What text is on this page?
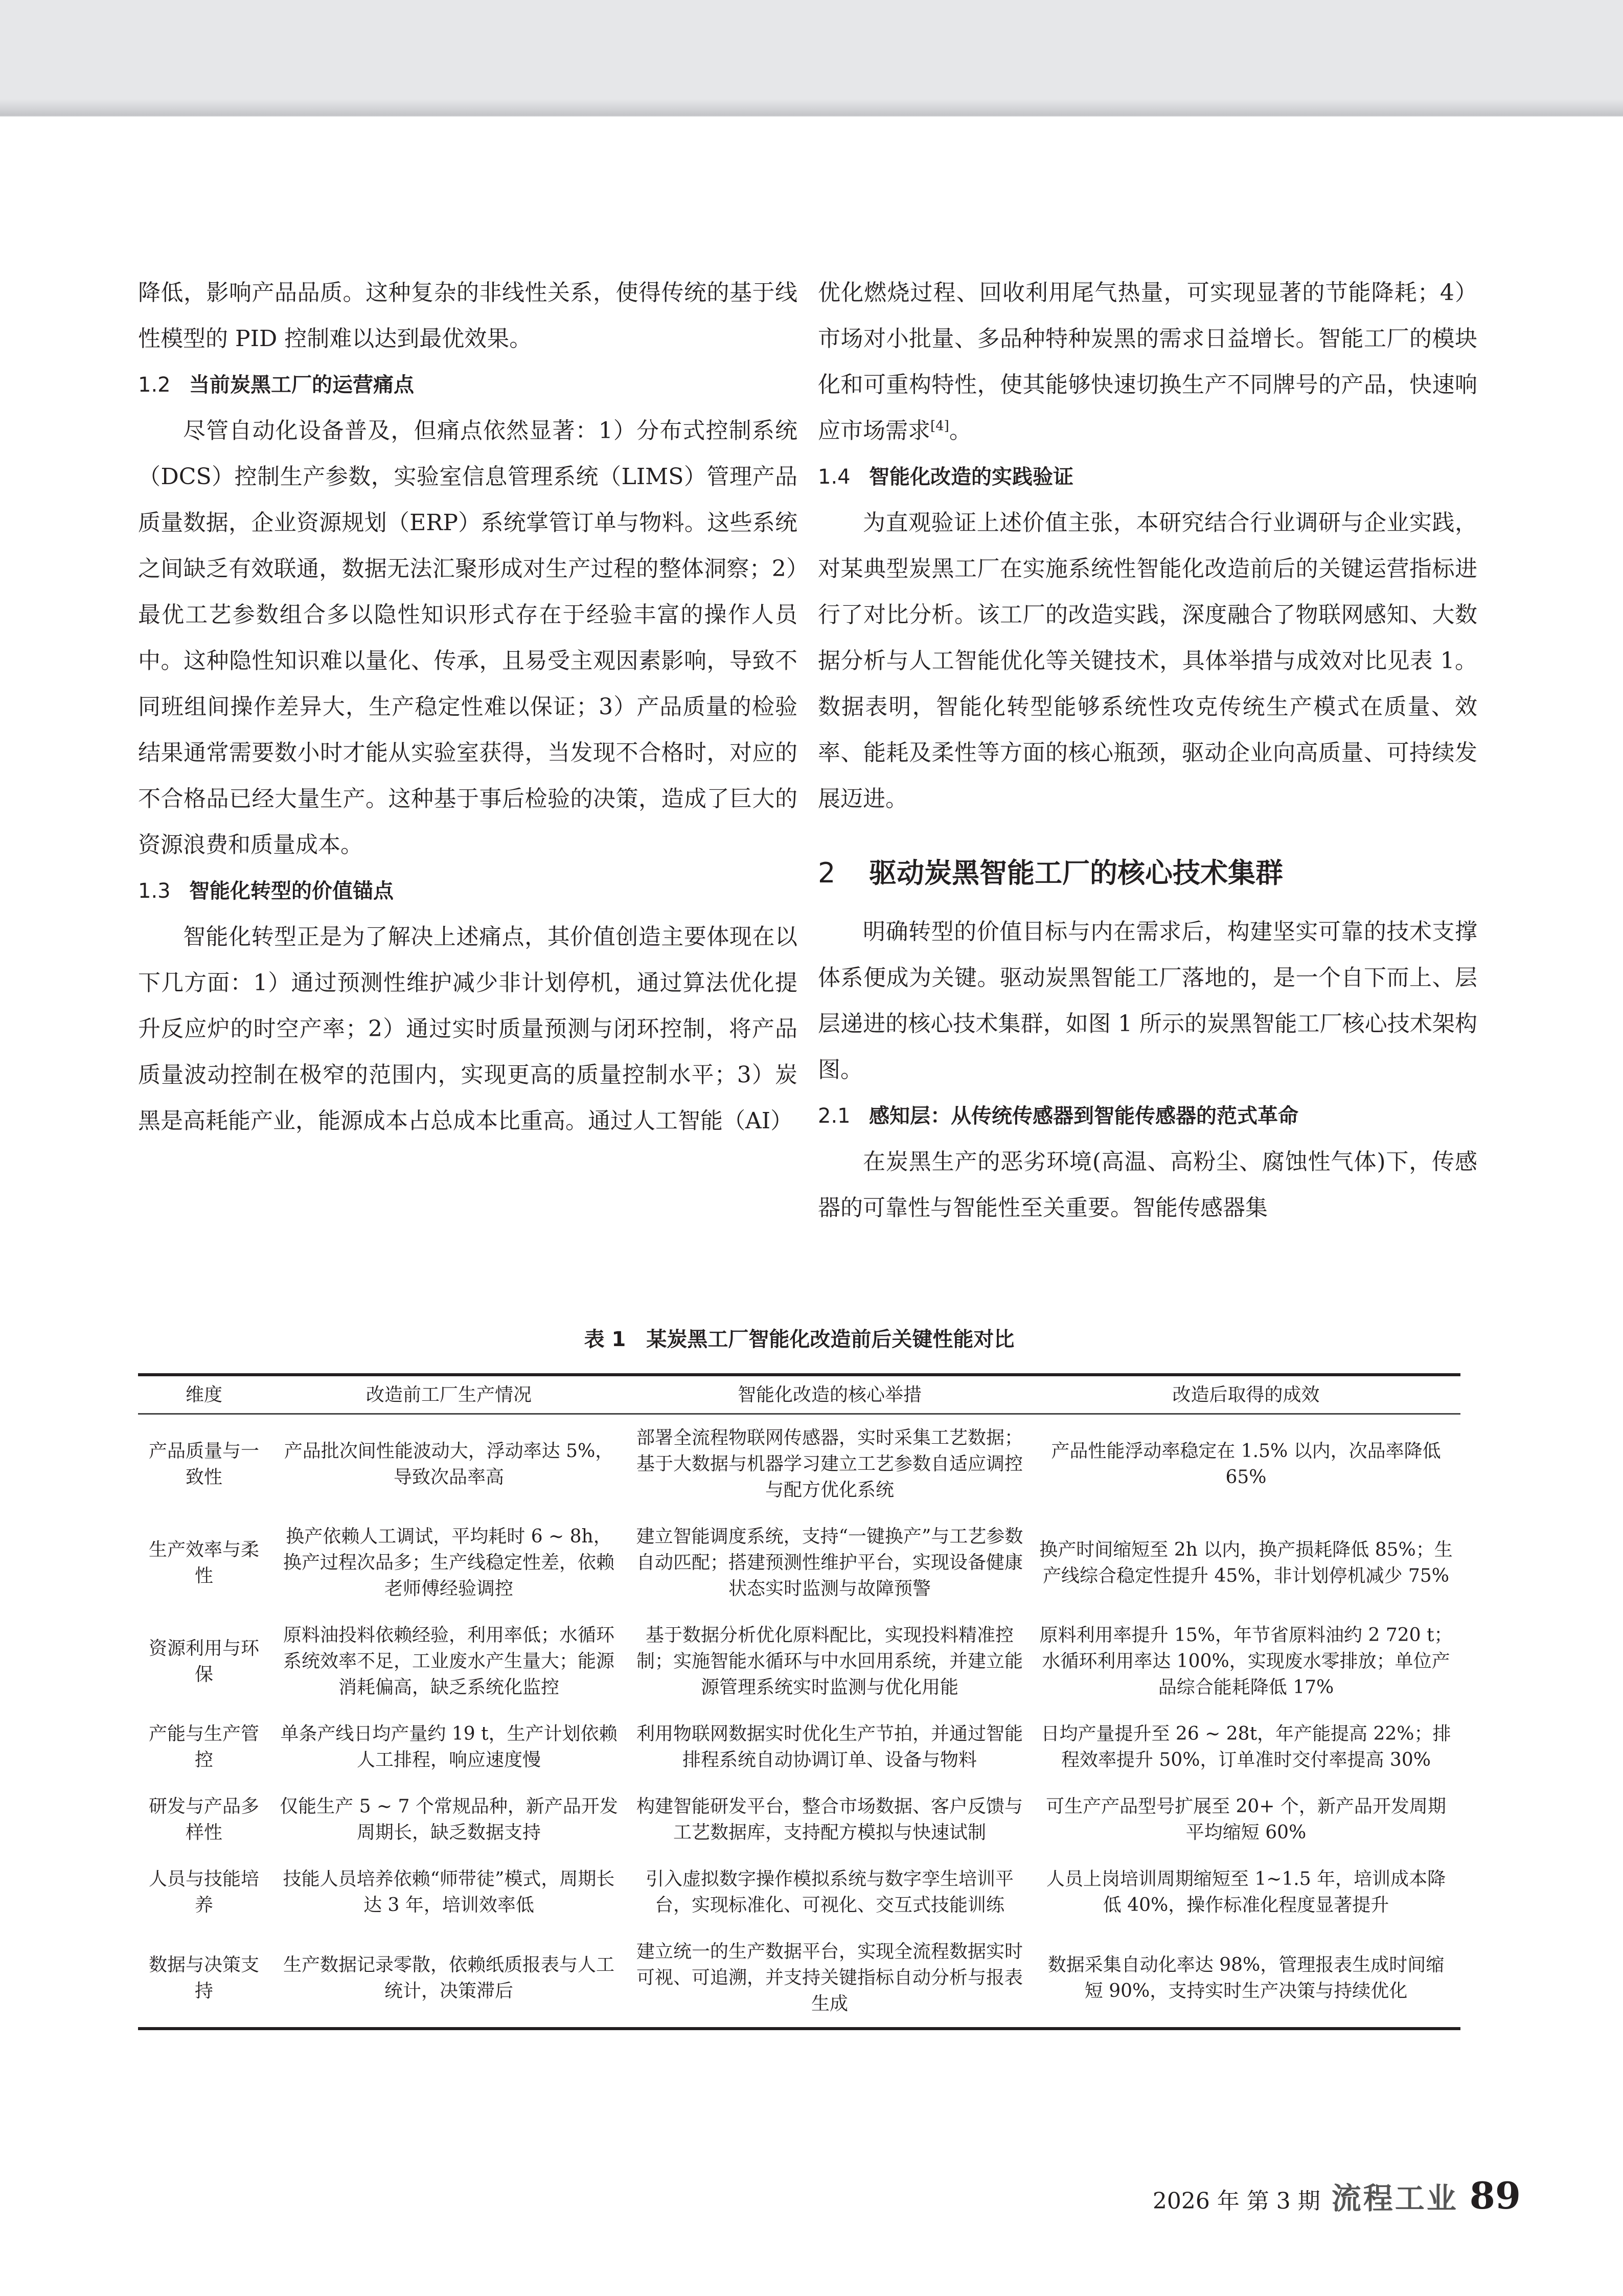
降低，影响产品品质。这种复杂的非线性关系，使得传统的基于线性模型的 PID 控制难以达到最优效果。

1.2 当前炭黑工厂的运营痛点

尽管自动化设备普及，但痛点依然显著：1）分布式控制系统（DCS）控制生产参数，实验室信息管理系统（LIMS）管理产品质量数据，企业资源规划（ERP）系统掌管订单与物料。这些系统之间缺乏有效联通，数据无法汇聚形成对生产过程的整体洞察；2）最优工艺参数组合多以隐性知识形式存在于经验丰富的操作人员中。这种隐性知识难以量化、传承，且易受主观因素影响，导致不同班组间操作差异大，生产稳定性难以保证；3）产品质量的检验结果通常需要数小时才能从实验室获得，当发现不合格时，对应的不合格品已经大量生产。这种基于事后检验的决策，造成了巨大的资源浪费和质量成本。

1.3 智能化转型的价值锚点

智能化转型正是为了解决上述痛点，其价值创造主要体现在以下几方面：1）通过预测性维护减少非计划停机，通过算法优化提升反应炉的时空产率；2）通过实时质量预测与闭环控制，将产品质量波动控制在极窄的范围内，实现更高的质量控制水平；3）炭黑是高耗能产业，能源成本占总成本比重高。通过人工智能（AI）

优化燃烧过程、回收利用尾气热量，可实现显著的节能降耗；4）市场对小批量、多品种特种炭黑的需求日益增长。智能工厂的模块化和可重构特性，使其能够快速切换生产不同牌号的产品，快速响应市场需求[4]。

1.4 智能化改造的实践验证

为直观验证上述价值主张，本研究结合行业调研与企业实践，对某典型炭黑工厂在实施系统性智能化改造前后的关键运营指标进行了对比分析。该工厂的改造实践，深度融合了物联网感知、大数据分析与人工智能优化等关键技术，具体举措与成效对比见表 1。数据表明，智能化转型能够系统性攻克传统生产模式在质量、效率、能耗及柔性等方面的核心瓶颈，驱动企业向高质量、可持续发展迈进。

2 驱动炭黑智能工厂的核心技术集群

明确转型的价值目标与内在需求后，构建坚实可靠的技术支撑体系便成为关键。驱动炭黑智能工厂落地的，是一个自下而上、层层递进的核心技术集群，如图 1 所示的炭黑智能工厂核心技术架构图。

2.1 感知层：从传统传感器到智能传感器的范式革命

在炭黑生产的恶劣环境(高温、高粉尘、腐蚀性气体)下，传感器的可靠性与智能性至关重要。智能传感器集

表 1 某炭黑工厂智能化改造前后关键性能对比
维度	改造前工厂生产情况	智能化改造的核心举措	改造后取得的成效
产品质量与一致性	产品批次间性能波动大，浮动率达 5%，导致次品率高	部署全流程物联网传感器，实时采集工艺数据；基于大数据与机器学习建立工艺参数自适应调控与配方优化系统	产品性能浮动率稳定在 1.5% 以内，次品率降低 65%
生产效率与柔性	换产依赖人工调试，平均耗时 6 ~ 8h，换产过程次品多；生产线稳定性差，依赖老师傅经验调控	建立智能调度系统，支持“一键换产”与工艺参数自动匹配；搭建预测性维护平台，实现设备健康状态实时监测与故障预警	换产时间缩短至 2h 以内，换产损耗降低 85%；生产线综合稳定性提升 45%，非计划停机减少 75%
资源利用与环保	原料油投料依赖经验，利用率低；水循环系统效率不足，工业废水产生量大；能源消耗偏高，缺乏系统化监控	基于数据分析优化原料配比，实现投料精准控制；实施智能水循环与中水回用系统，并建立能源管理系统实时监测与优化用能	原料利用率提升 15%，年节省原料油约 2 720 t；水循环利用率达 100%，实现废水零排放；单位产品综合能耗降低 17%
产能与生产管控	单条产线日均产量约 19 t，生产计划依赖人工排程，响应速度慢	利用物联网数据实时优化生产节拍，并通过智能排程系统自动协调订单、设备与物料	日均产量提升至 26 ~ 28t，年产能提高 22%；排程效率提升 50%，订单准时交付率提高 30%
研发与产品多样性	仅能生产 5 ~ 7 个常规品种，新产品开发周期长，缺乏数据支持	构建智能研发平台，整合市场数据、客户反馈与工艺数据库，支持配方模拟与快速试制	可生产产品型号扩展至 20+ 个，新产品开发周期平均缩短 60%
人员与技能培养	技能人员培养依赖“师带徒”模式，周期长达 3 年，培训效率低	引入虚拟数字操作模拟系统与数字孪生培训平台，实现标准化、可视化、交互式技能训练	人员上岗培训周期缩短至 1~1.5 年，培训成本降低 40%，操作标准化程度显著提升
数据与决策支持	生产数据记录零散，依赖纸质报表与人工统计，决策滞后	建立统一的生产数据平台，实现全流程数据实时可视、可追溯，并支持关键指标自动分析与报表生成	数据采集自动化率达 98%，管理报表生成时间缩短 90%，支持实时生产决策与持续优化
2026 年 第 3 期 流程工业 89
